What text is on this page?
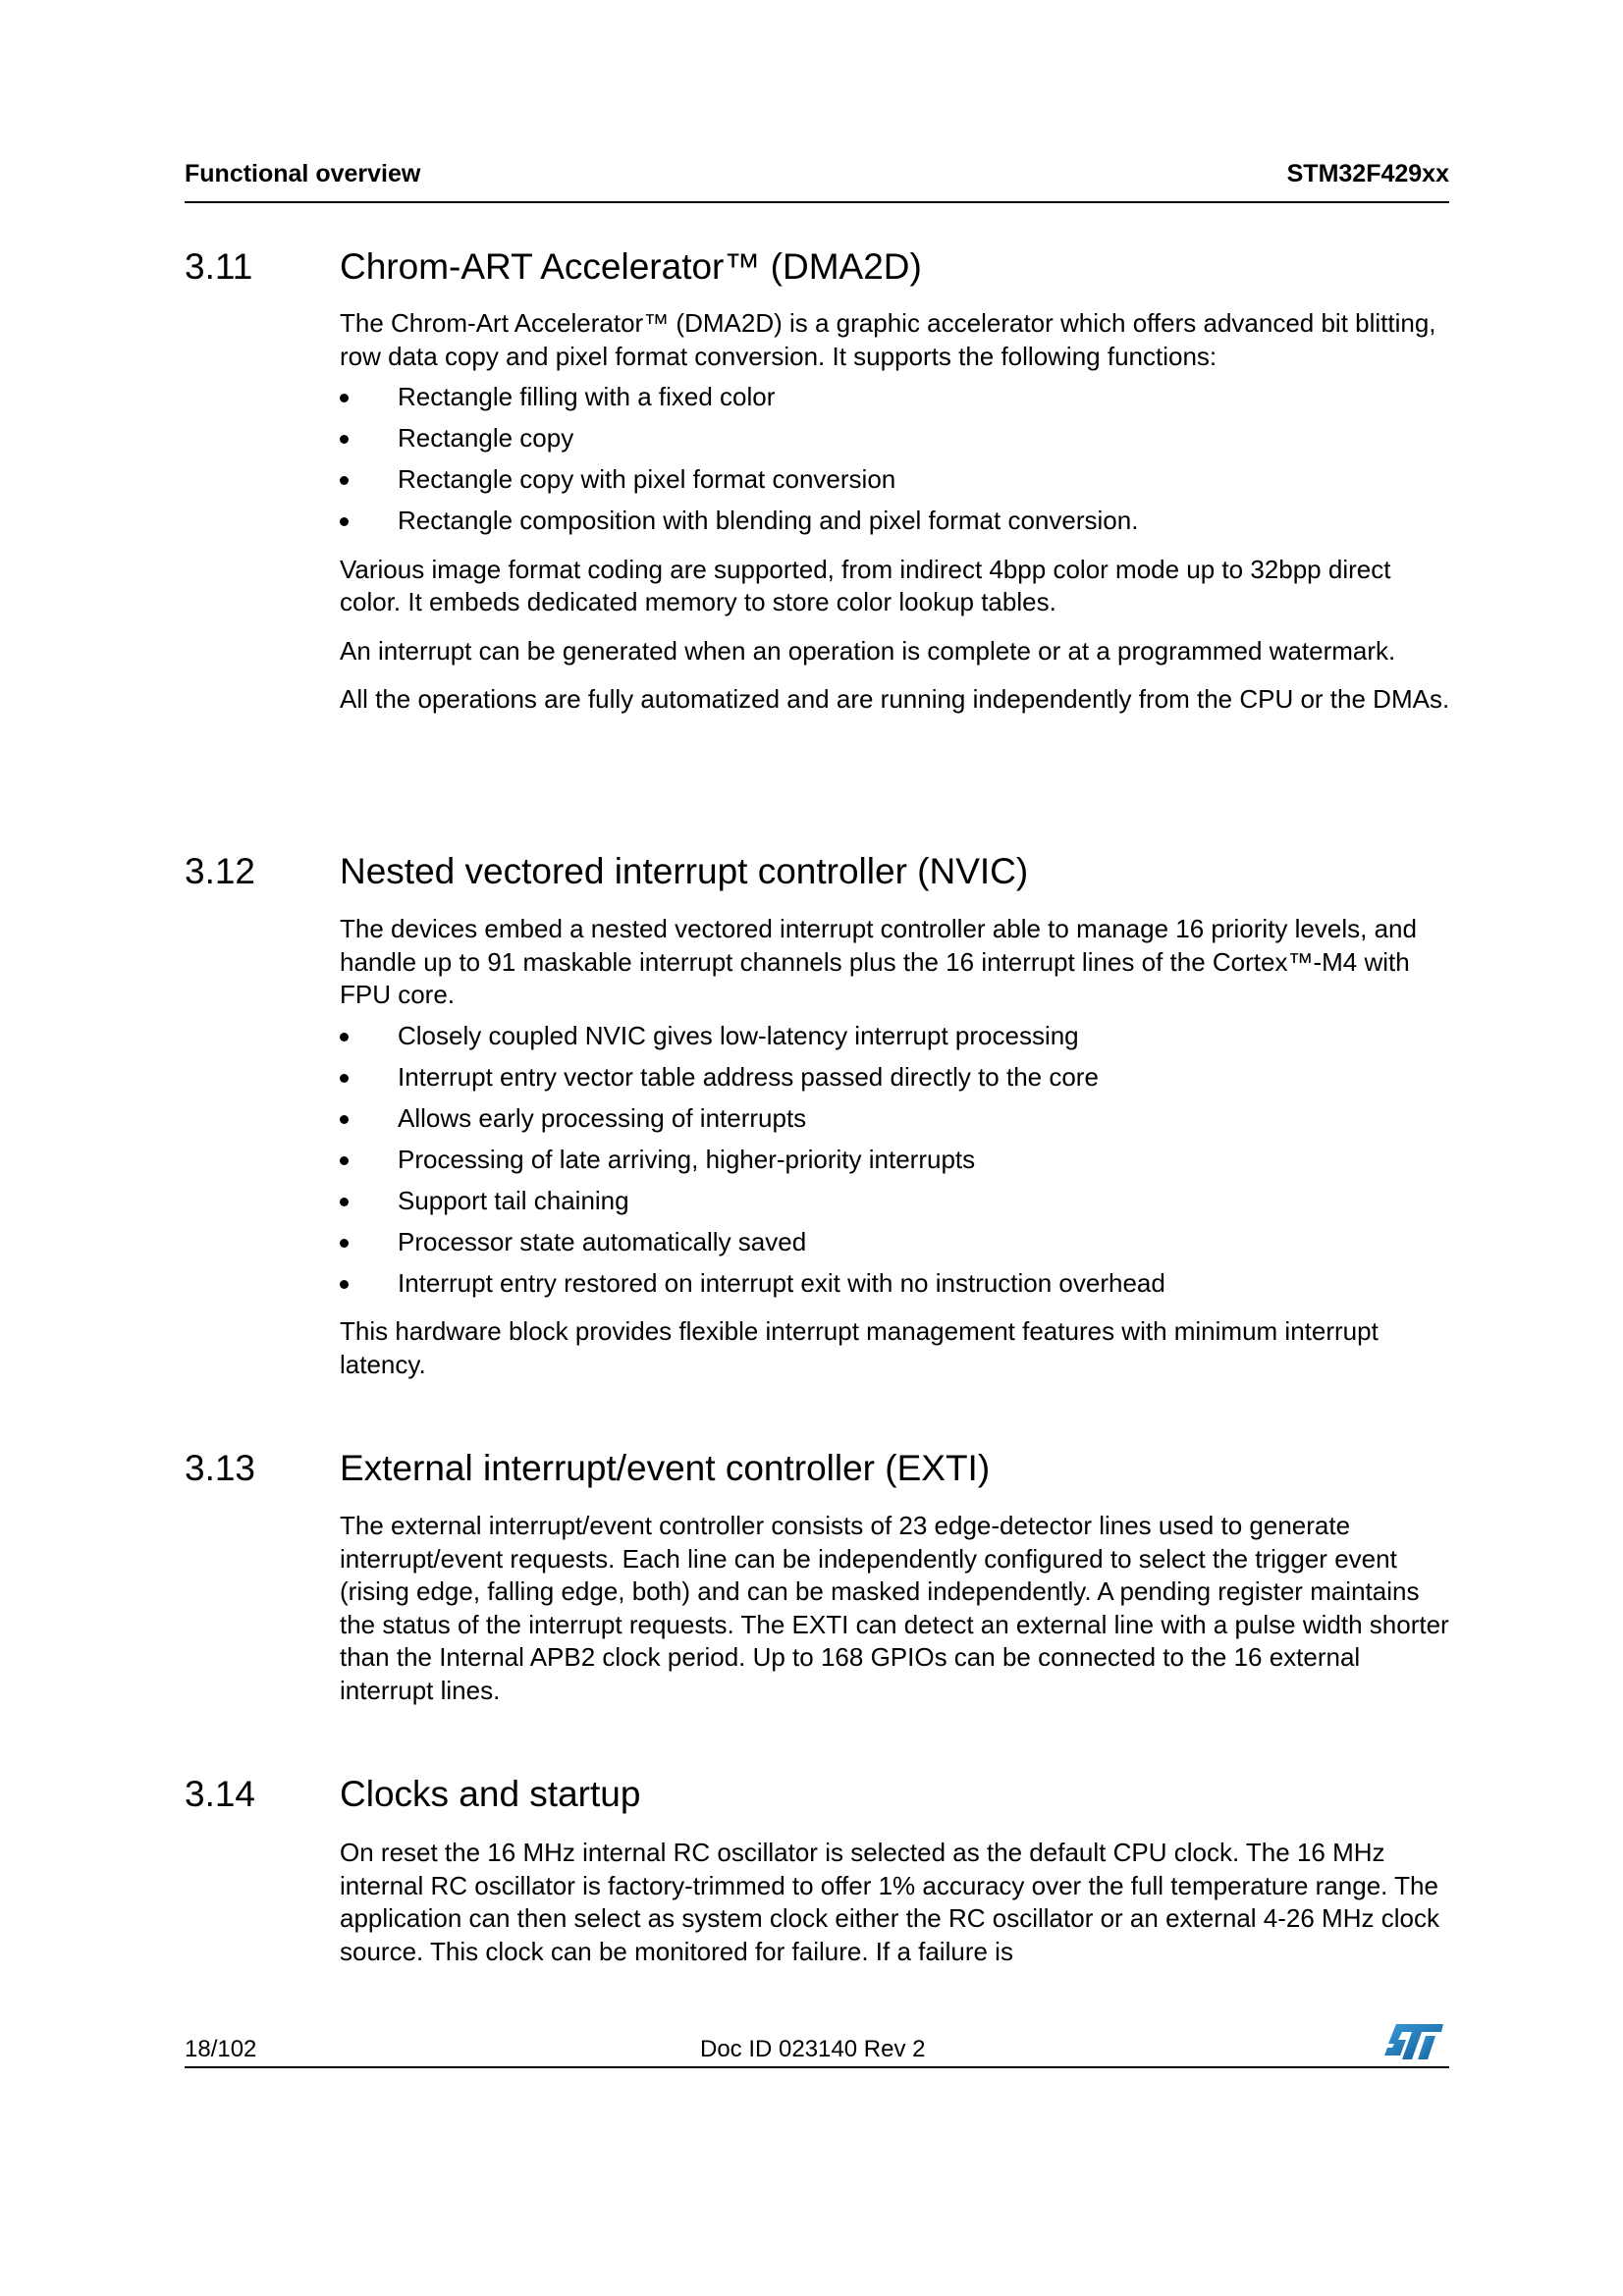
Functional overview	STM32F429xx
3.11 Chrom-ART Accelerator™ (DMA2D)

The Chrom-Art Accelerator™ (DMA2D) is a graphic accelerator which offers advanced bit blitting, row data copy and pixel format conversion. It supports the following functions:

Rectangle filling with a fixed color
Rectangle copy
Rectangle copy with pixel format conversion
Rectangle composition with blending and pixel format conversion.

Various image format coding are supported, from indirect 4bpp color mode up to 32bpp direct color. It embeds dedicated memory to store color lookup tables.

An interrupt can be generated when an operation is complete or at a programmed watermark.

All the operations are fully automatized and are running independently from the CPU or the DMAs.

3.12 Nested vectored interrupt controller (NVIC)

The devices embed a nested vectored interrupt controller able to manage 16 priority levels, and handle up to 91 maskable interrupt channels plus the 16 interrupt lines of the Cortex™-M4 with FPU core.

Closely coupled NVIC gives low-latency interrupt processing
Interrupt entry vector table address passed directly to the core
Allows early processing of interrupts
Processing of late arriving, higher-priority interrupts
Support tail chaining
Processor state automatically saved
Interrupt entry restored on interrupt exit with no instruction overhead

This hardware block provides flexible interrupt management features with minimum interrupt latency.

3.13 External interrupt/event controller (EXTI)

The external interrupt/event controller consists of 23 edge-detector lines used to generate interrupt/event requests. Each line can be independently configured to select the trigger event (rising edge, falling edge, both) and can be masked independently. A pending register maintains the status of the interrupt requests. The EXTI can detect an external line with a pulse width shorter than the Internal APB2 clock period. Up to 168 GPIOs can be connected to the 16 external interrupt lines.

3.14 Clocks and startup

On reset the 16 MHz internal RC oscillator is selected as the default CPU clock. The 16 MHz internal RC oscillator is factory-trimmed to offer 1% accuracy over the full temperature range. The application can then select as system clock either the RC oscillator or an external 4-26 MHz clock source. This clock can be monitored for failure. If a failure is

18/102	Doc ID 023140 Rev 2
